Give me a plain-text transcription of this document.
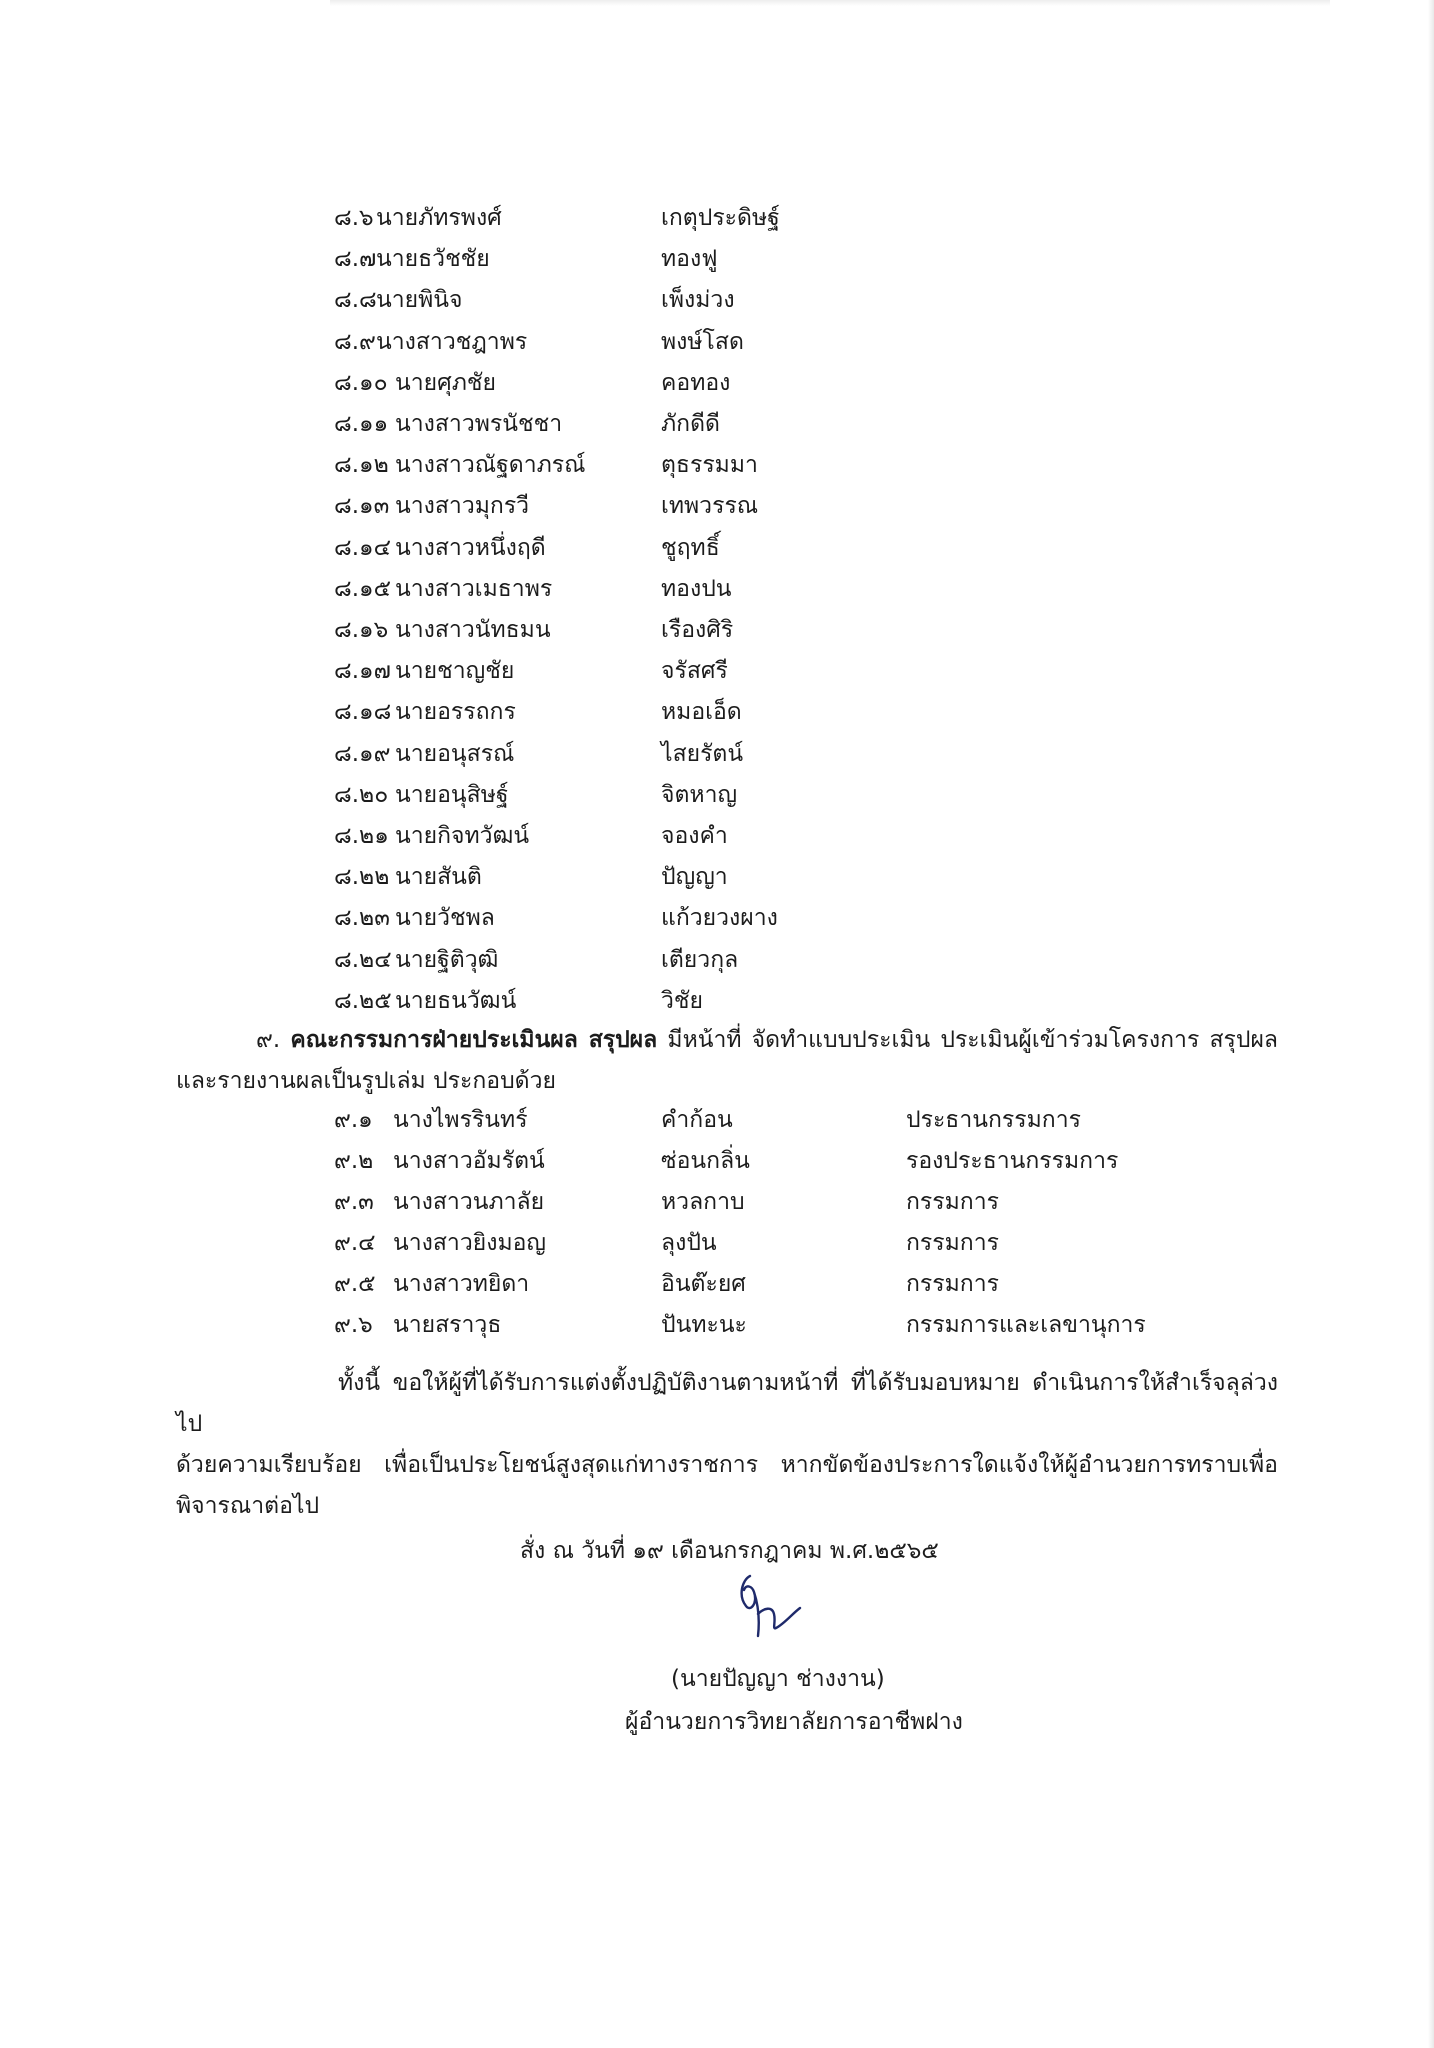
๘.๖ นายภัทรพงศ์	เกตุประดิษฐ์
๘.๗ นายธวัชชัย	ทองฟู
๘.๘ นายพินิจ	เพ็งม่วง
๘.๙ นางสาวชฎาพร	พงษ์โสด
๘.๑๐ นายศุภชัย	คอทอง
๘.๑๑ นางสาวพรนัชชา	ภักดีดี
๘.๑๒ นางสาวณัฐดาภรณ์	ตุธรรมมา
๘.๑๓ นางสาวมุกรวี	เทพวรรณ
๘.๑๔ นางสาวหนึ่งฤดี	ชูฤทธิ์
๘.๑๕ นางสาวเมธาพร	ทองปน
๘.๑๖ นางสาวนัทธมน	เรืองศิริ
๘.๑๗ นายชาญชัย	จรัสศรี
๘.๑๘ นายอรรถกร	หมอเอ็ด
๘.๑๙ นายอนุสรณ์	ไสยรัตน์
๘.๒๐ นายอนุสิษฐ์	จิตหาญ
๘.๒๑ นายกิจทวัฒน์	จองคำ
๘.๒๒ นายสันติ	ปัญญา
๘.๒๓ นายวัชพล	แก้วยวงผาง
๘.๒๔ นายฐิติวุฒิ	เตียวกุล
๘.๒๕ นายธนวัฒน์	วิชัย
๙. คณะกรรมการฝ่ายประเมินผล สรุปผล มีหน้าที่ จัดทำแบบประเมิน ประเมินผู้เข้าร่วมโครงการ สรุปผล
และรายงานผลเป็นรูปเล่ม ประกอบด้วย
๙.๑ นางไพรรินทร์	คำก้อน	ประธานกรรมการ
๙.๒ นางสาวอัมรัตน์	ซ่อนกลิ่น	รองประธานกรรมการ
๙.๓ นางสาวนภาลัย	หวลกาบ	กรรมการ
๙.๔ นางสาวยิงมอญ	ลุงปัน	กรรมการ
๙.๕ นางสาวทยิดา	อินต๊ะยศ	กรรมการ
๙.๖ นายสราวุธ	ปันทะนะ	กรรมการและเลขานุการ

ทั้งนี้ ขอให้ผู้ที่ได้รับการแต่งตั้งปฏิบัติงานตามหน้าที่ ที่ได้รับมอบหมาย ดำเนินการให้สำเร็จลุล่วงไป

ด้วยความเรียบร้อย เพื่อเป็นประโยชน์สูงสุดแก่ทางราชการ หากขัดข้องประการใดแจ้งให้ผู้อำนวยการทราบเพื่อ

พิจารณาต่อไป

สั่ง ณ วันที่ ๑๙ เดือนกรกฎาคม พ.ศ.๒๕๖๕
(นายปัญญา ช่างงาน)
ผู้อำนวยการวิทยาลัยการอาชีพฝาง
